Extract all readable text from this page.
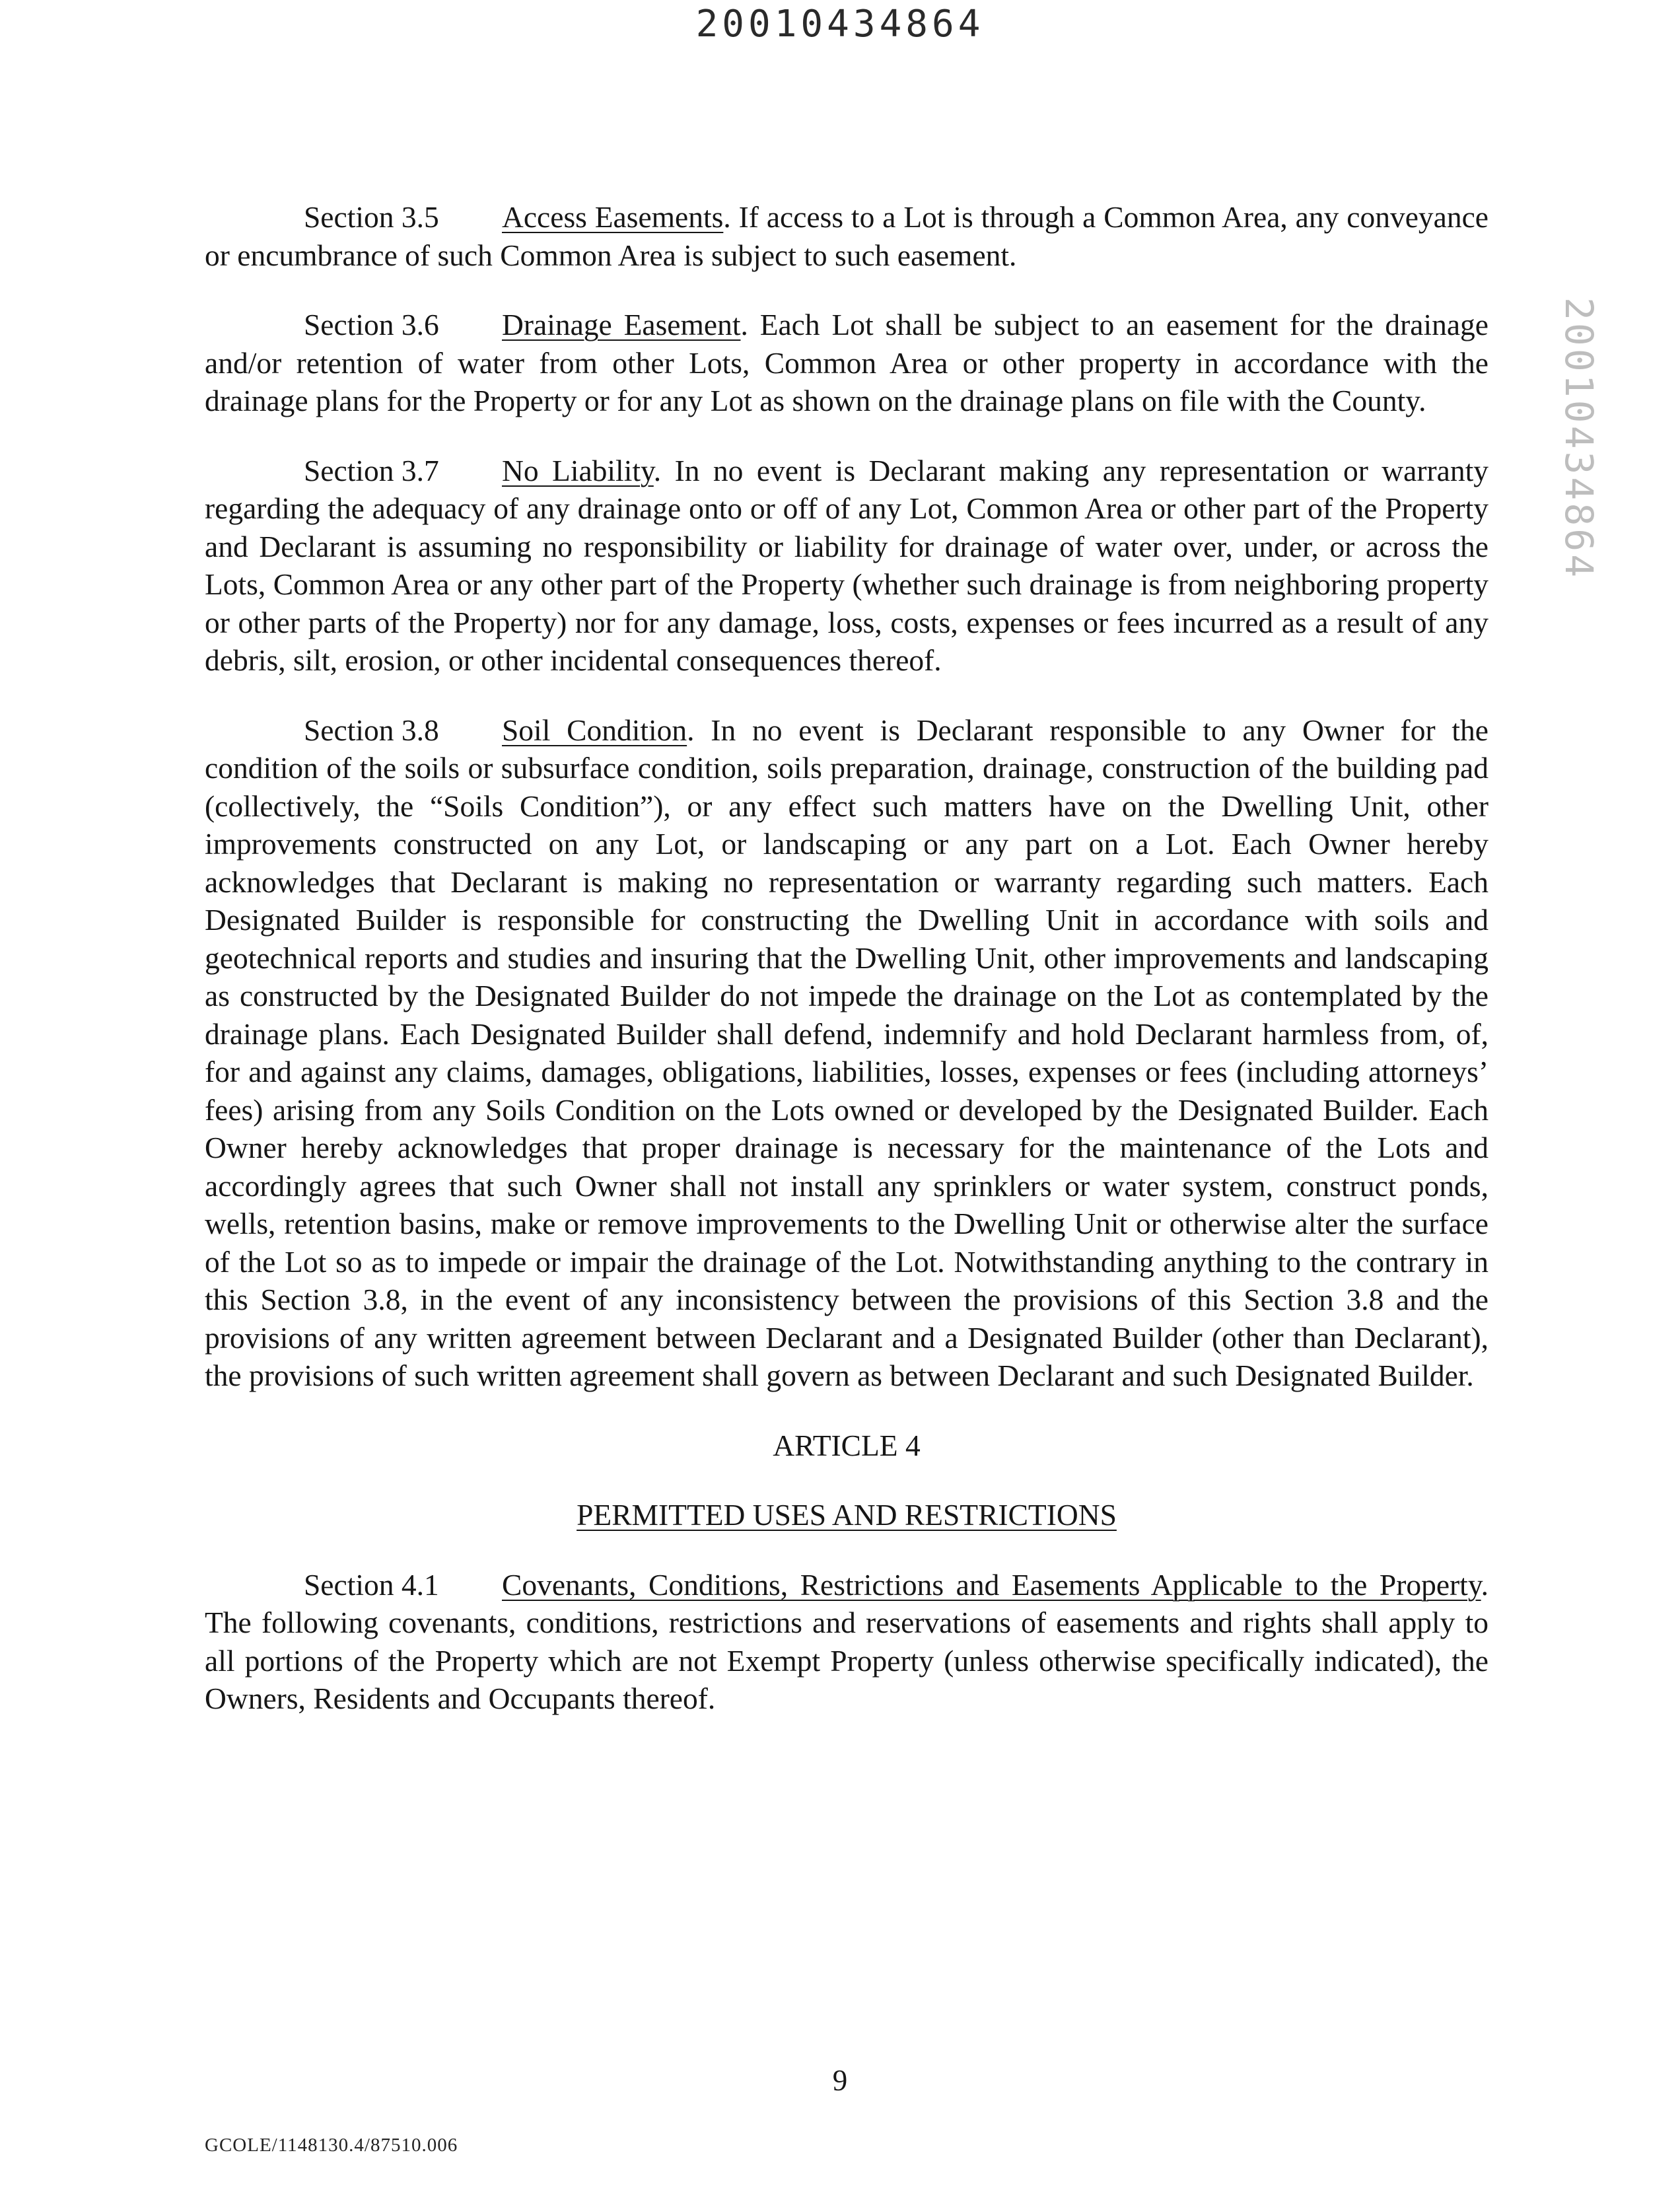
20010434864
20010434864

Section 3.5 Access Easements. If access to a Lot is through a Common Area, any conveyance or encumbrance of such Common Area is subject to such easement.

Section 3.6 Drainage Easement. Each Lot shall be subject to an easement for the drainage and/or retention of water from other Lots, Common Area or other property in accordance with the drainage plans for the Property or for any Lot as shown on the drainage plans on file with the County.

Section 3.7 No Liability. In no event is Declarant making any representation or warranty regarding the adequacy of any drainage onto or off of any Lot, Common Area or other part of the Property and Declarant is assuming no responsibility or liability for drainage of water over, under, or across the Lots, Common Area or any other part of the Property (whether such drainage is from neighboring property or other parts of the Property) nor for any damage, loss, costs, expenses or fees incurred as a result of any debris, silt, erosion, or other incidental consequences thereof.

Section 3.8 Soil Condition. In no event is Declarant responsible to any Owner for the condition of the soils or subsurface condition, soils preparation, drainage, construction of the building pad (collectively, the “Soils Condition”), or any effect such matters have on the Dwelling Unit, other improvements constructed on any Lot, or landscaping or any part on a Lot. Each Owner hereby acknowledges that Declarant is making no representation or warranty regarding such matters. Each Designated Builder is responsible for constructing the Dwelling Unit in accordance with soils and geotechnical reports and studies and insuring that the Dwelling Unit, other improvements and landscaping as constructed by the Designated Builder do not impede the drainage on the Lot as contemplated by the drainage plans. Each Designated Builder shall defend, indemnify and hold Declarant harmless from, of, for and against any claims, damages, obligations, liabilities, losses, expenses or fees (including attorneys’ fees) arising from any Soils Condition on the Lots owned or developed by the Designated Builder. Each Owner hereby acknowledges that proper drainage is necessary for the maintenance of the Lots and accordingly agrees that such Owner shall not install any sprinklers or water system, construct ponds, wells, retention basins, make or remove improvements to the Dwelling Unit or otherwise alter the surface of the Lot so as to impede or impair the drainage of the Lot. Notwithstanding anything to the contrary in this Section 3.8, in the event of any inconsistency between the provisions of this Section 3.8 and the provisions of any written agreement between Declarant and a Designated Builder (other than Declarant), the provisions of such written agreement shall govern as between Declarant and such Designated Builder.

ARTICLE 4

PERMITTED USES AND RESTRICTIONS

Section 4.1 Covenants, Conditions, Restrictions and Easements Applicable to the Property. The following covenants, conditions, restrictions and reservations of easements and rights shall apply to all portions of the Property which are not Exempt Property (unless otherwise specifically indicated), the Owners, Residents and Occupants thereof.

9
GCOLE/1148130.4/87510.006
